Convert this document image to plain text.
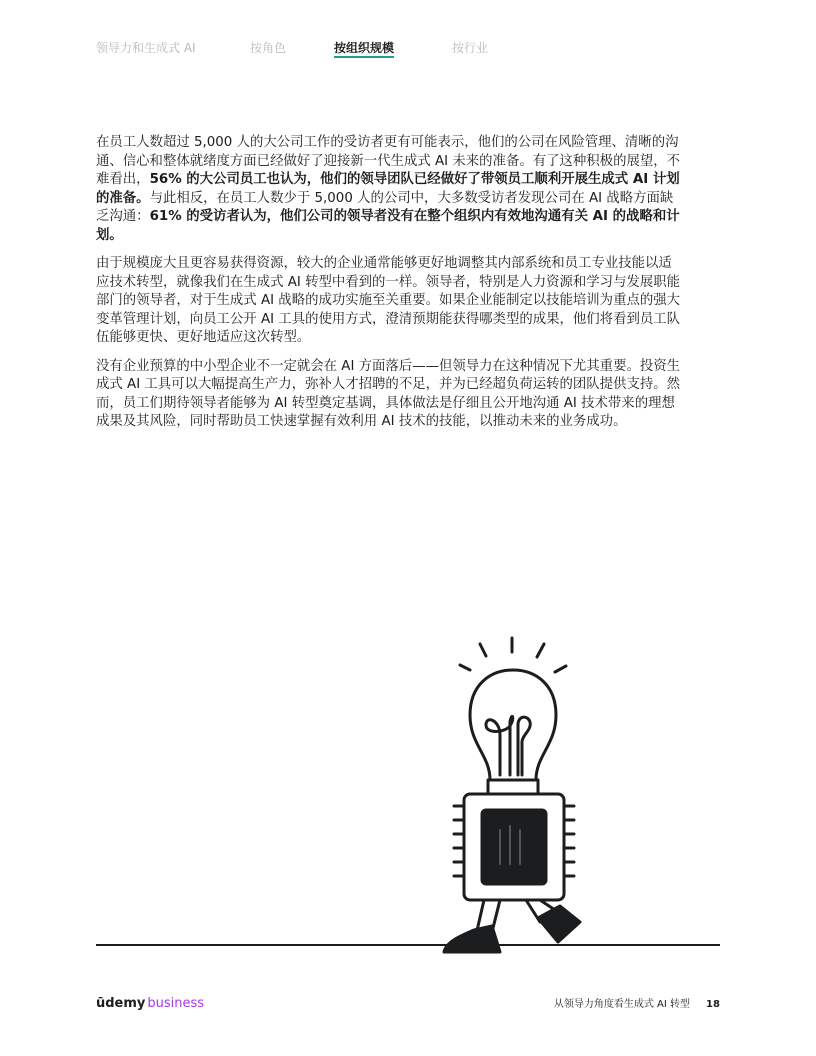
领导力和生成式 AI	按角色	按组织规模	按行业

在员工人数超过 5,000 人的大公司工作的受访者更有可能表示，他们的公司在风险管理、清晰的沟通、信心和整体就绪度方面已经做好了迎接新一代生成式 AI 未来的准备。有了这种积极的展望，不难看出，56% 的大公司员工也认为，他们的领导团队已经做好了带领员工顺利开展生成式 AI 计划的准备。与此相反，在员工人数少于 5,000 人的公司中，大多数受访者发现公司在 AI 战略方面缺乏沟通：61% 的受访者认为，他们公司的领导者没有在整个组织内有效地沟通有关 AI 的战略和计划。

由于规模庞大且更容易获得资源，较大的企业通常能够更好地调整其内部系统和员工专业技能以适应技术转型，就像我们在生成式 AI 转型中看到的一样。领导者，特别是人力资源和学习与发展职能部门的领导者，对于生成式 AI 战略的成功实施至关重要。如果企业能制定以技能培训为重点的强大变革管理计划，向员工公开 AI 工具的使用方式，澄清预期能获得哪类型的成果，他们将看到员工队伍能够更快、更好地适应这次转型。

没有企业预算的中小型企业不一定就会在 AI 方面落后——但领导力在这种情况下尤其重要。投资生成式 AI 工具可以大幅提高生产力，弥补人才招聘的不足，并为已经超负荷运转的团队提供支持。然而，员工们期待领导者能够为 AI 转型奠定基调，具体做法是仔细且公开地沟通 AI 技术带来的理想成果及其风险，同时帮助员工快速掌握有效利用 AI 技术的技能，以推动未来的业务成功。

ūdemy business	从领导力角度看生成式 AI 转型 18
